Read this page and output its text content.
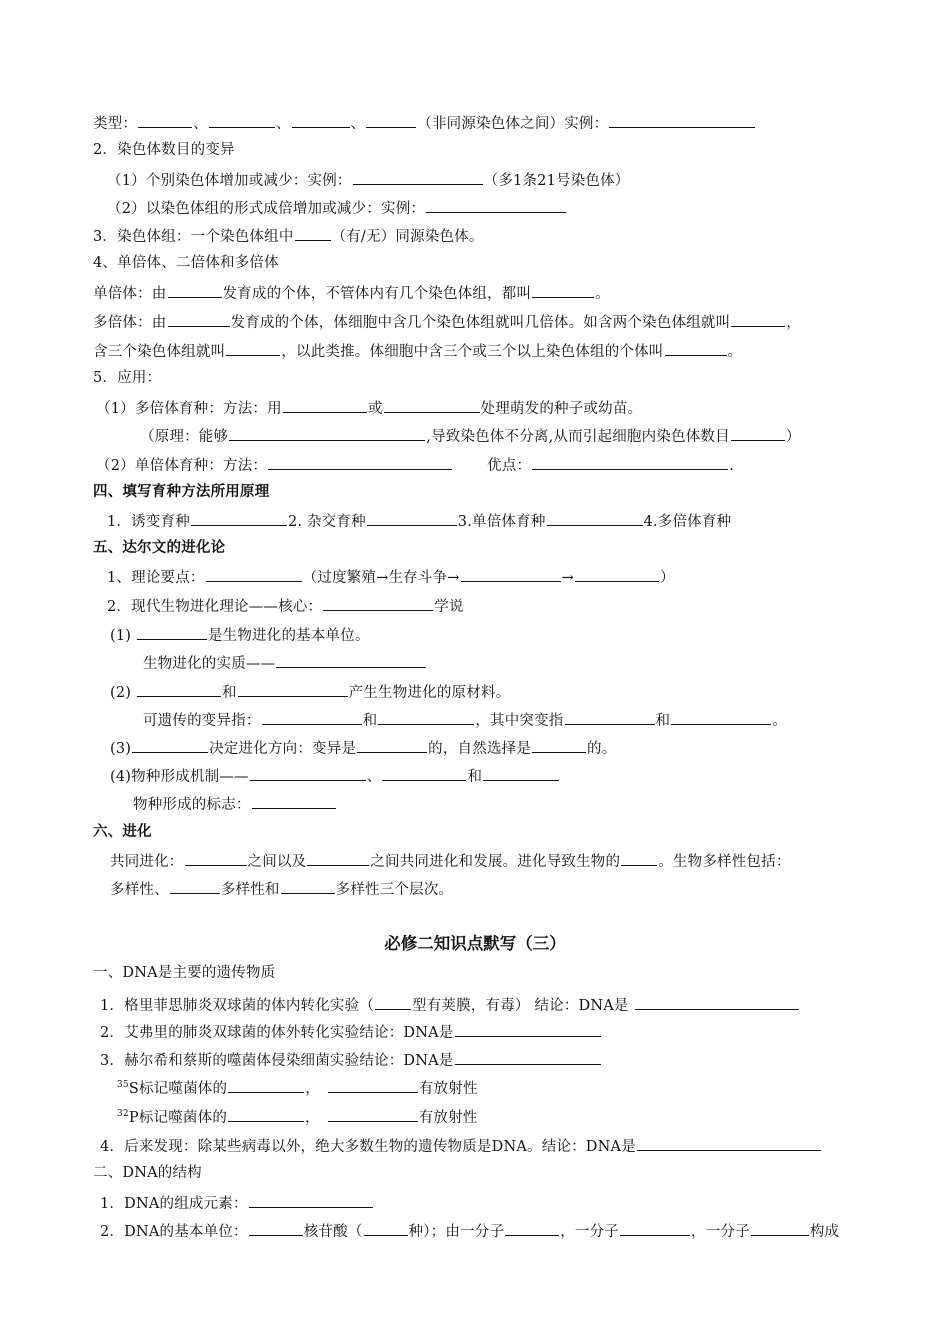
类型：	、	、	、	（非同源染色体之间）实例：
2．染色体数目的变异
（1）个别染色体增加或减少：实例：	（多1条21号染色体）
（2）以染色体组的形式成倍增加或减少：实例：
3．染色体组：一个染色体组中	（有/无）同源染色体。
4、单倍体、二倍体和多倍体
单倍体：由	发育成的个体，不管体内有几个染色体组，都叫	。
多倍体：由	发育成的个体，体细胞中含几个染色体组就叫几倍体。如含两个染色体组就叫	，
含三个染色体组就叫	，以此类推。体细胞中含三个或三个以上染色体组的个体叫	。
5．应用：
（1）多倍体育种：方法：用	或	处理萌发的种子或幼苗。
（原理：能够	,导致染色体不分离,从而引起细胞内染色体数目	）
（2）单倍体育种：方法：	优点：	.
四、填写育种方法所用原理
1．诱变育种	2. 杂交育种	3.单倍体育种	4.多倍体育种
五、达尔文的进化论
1、理论要点：	（过度繁殖→生存斗争→	→	）
2．现代生物进化理论——核心：	学说
(1)	是生物进化的基本单位。
生物进化的实质——
(2)	和	产生生物进化的原材料。
可遗传的变异指：	和	，其中突变指	和	。
(3)	决定进化方向：变异是	的，自然选择是	的。
(4)物种形成机制——	、	和
物种形成的标志：
六、进化
共同进化：	之间以及	之间共同进化和发展。进化导致生物的	。生物多样性包括：
多样性、	多样性和	多样性三个层次。
必修二知识点默写（三）
一、DNA是主要的遗传物质
1．格里菲思肺炎双球菌的体内转化实验（	型有荚膜，有毒） 结论：DNA是
2．艾弗里的肺炎双球菌的体外转化实验结论：DNA是
3．赫尔希和蔡斯的噬菌体侵染细菌实验结论：DNA是
$^{35}$S标记噬菌体的	，	有放射性
$^{32}$P标记噬菌体的	，	有放射性
4．后来发现：除某些病毒以外，绝大多数生物的遗传物质是DNA。结论：DNA是
二、DNA的结构
1．DNA的组成元素：
2．DNA的基本单位：	核苷酸（	种）；由一分子	，一分子	，一分子	构成
